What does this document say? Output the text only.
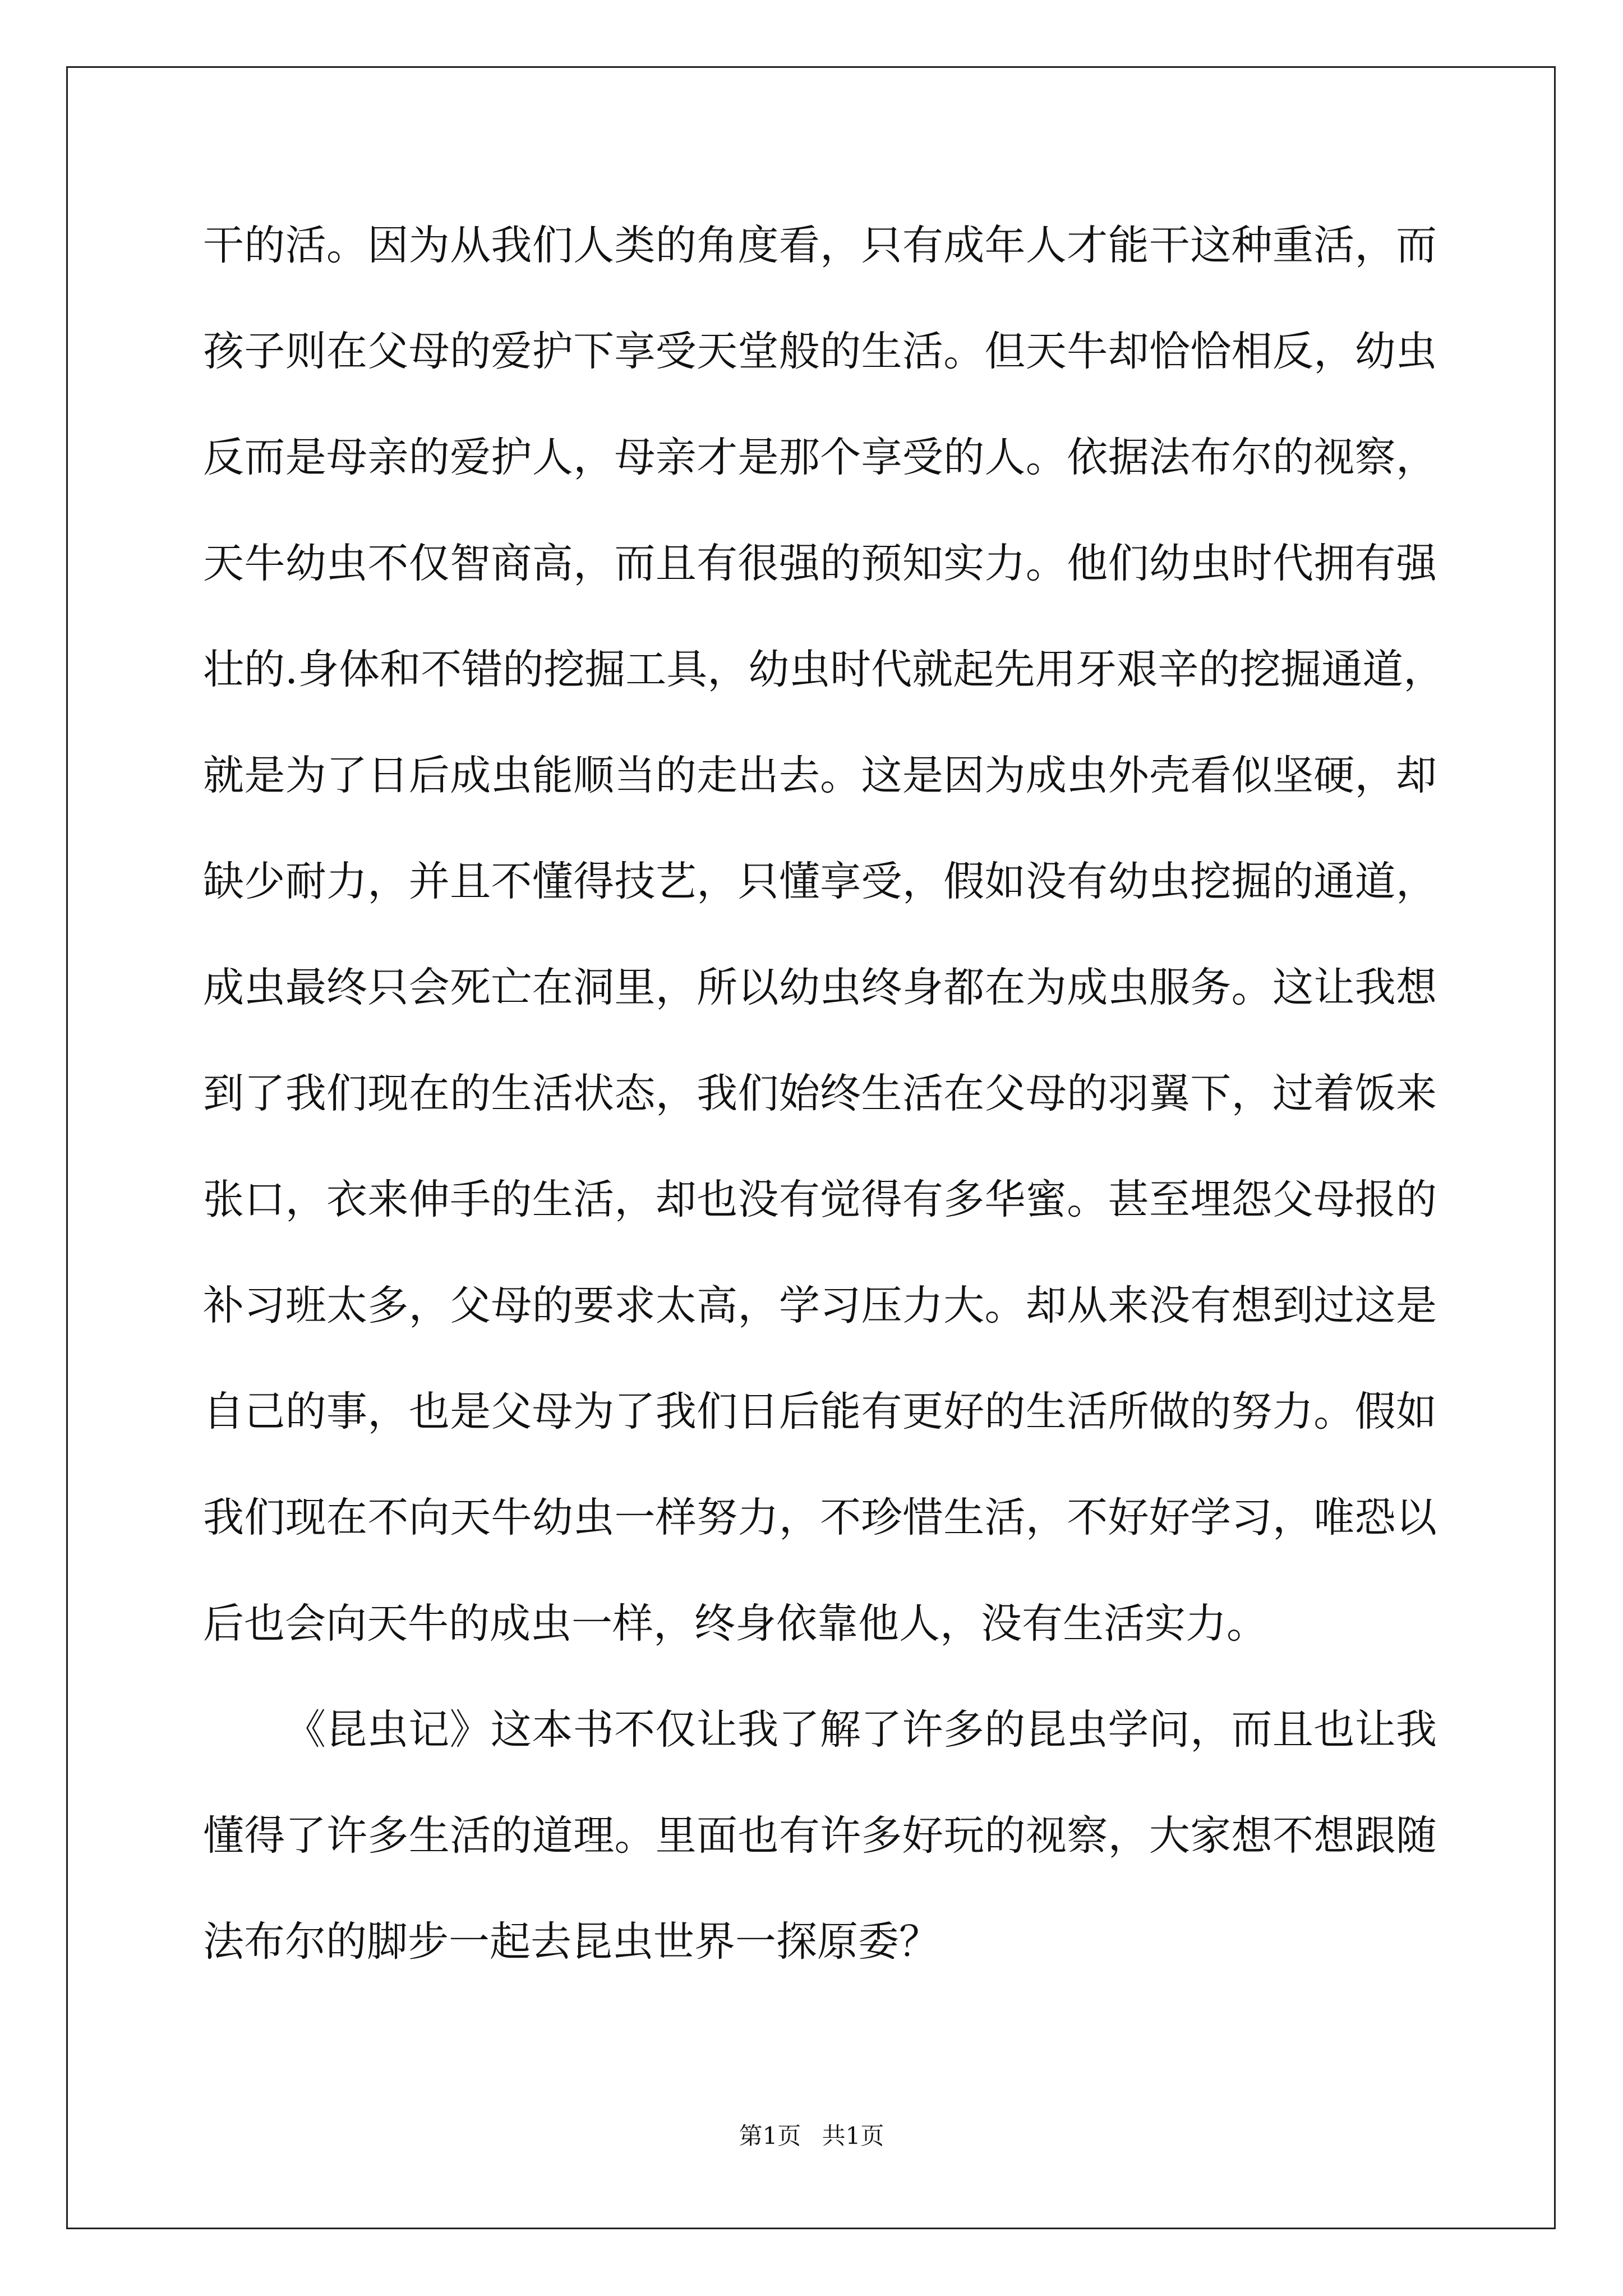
干的活。因为从我们人类的角度看，只有成年人才能干这种重活，而
孩子则在父母的爱护下享受天堂般的生活。但天牛却恰恰相反，幼虫
反而是母亲的爱护人，母亲才是那个享受的人。依据法布尔的视察，
天牛幼虫不仅智商高，而且有很强的预知实力。他们幼虫时代拥有强
壮的.身体和不错的挖掘工具，幼虫时代就起先用牙艰辛的挖掘通道，
就是为了日后成虫能顺当的走出去。这是因为成虫外壳看似坚硬，却
缺少耐力，并且不懂得技艺，只懂享受，假如没有幼虫挖掘的通道，
成虫最终只会死亡在洞里，所以幼虫终身都在为成虫服务。这让我想
到了我们现在的生活状态，我们始终生活在父母的羽翼下，过着饭来
张口，衣来伸手的生活，却也没有觉得有多华蜜。甚至埋怨父母报的
补习班太多，父母的要求太高，学习压力大。却从来没有想到过这是
自己的事，也是父母为了我们日后能有更好的生活所做的努力。假如
我们现在不向天牛幼虫一样努力，不珍惜生活，不好好学习，唯恐以
后也会向天牛的成虫一样，终身依靠他人，没有生活实力。
《昆虫记》这本书不仅让我了解了许多的昆虫学问，而且也让我
懂得了许多生活的道理。里面也有许多好玩的视察，大家想不想跟随
法布尔的脚步一起去昆虫世界一探原委？
第1页 共1页
